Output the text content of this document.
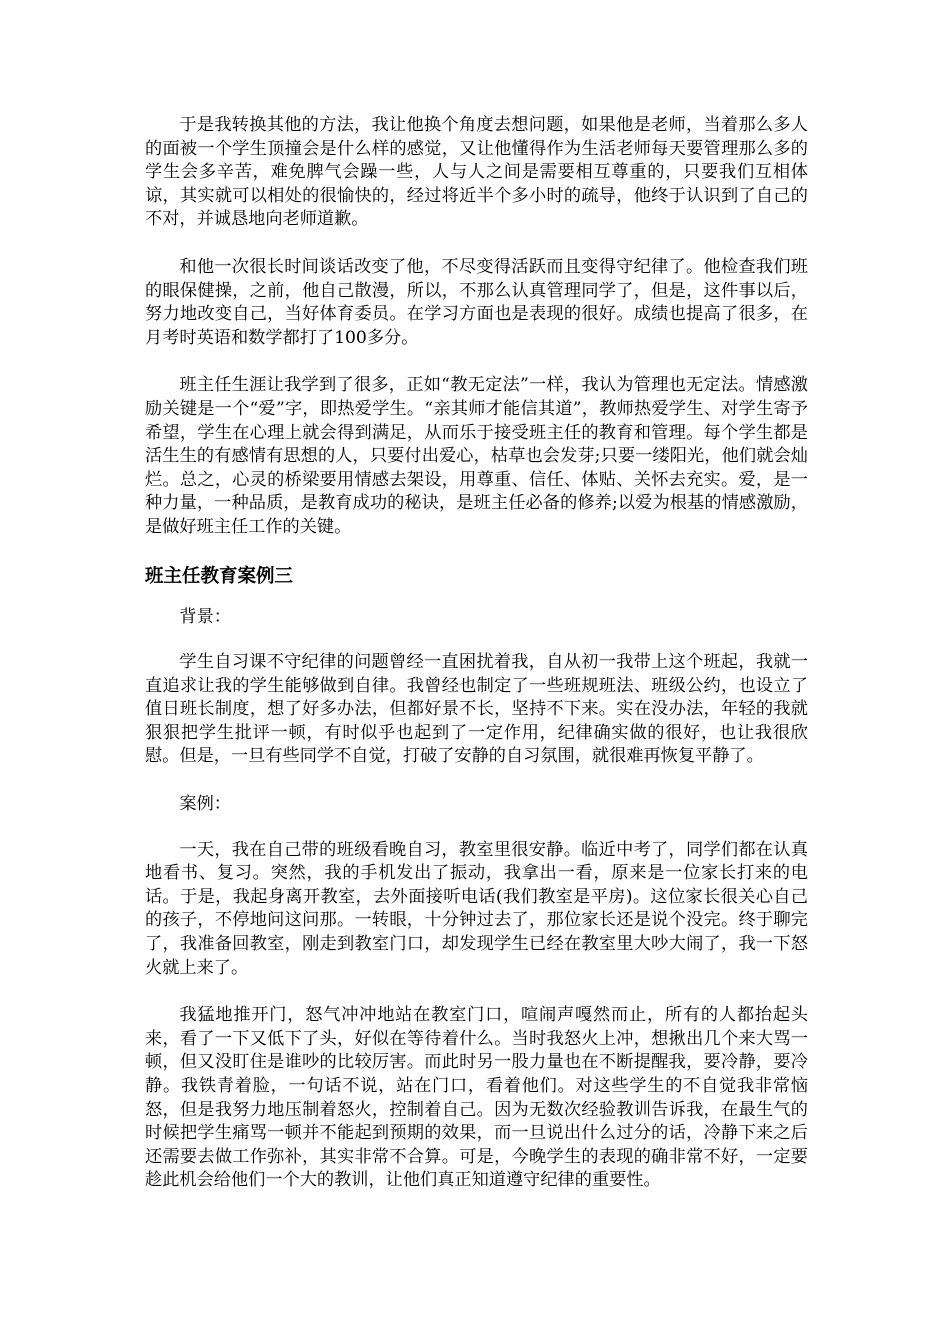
于是我转换其他的方法，我让他换个角度去想问题，如果他是老师，当着那么多人的面被一个学生顶撞会是什么样的感觉，又让他懂得作为生活老师每天要管理那么多的学生会多辛苦，难免脾气会躁一些，人与人之间是需要相互尊重的，只要我们互相体谅，其实就可以相处的很愉快的，经过将近半个多小时的疏导，他终于认识到了自己的不对，并诚恳地向老师道歉。

和他一次很长时间谈话改变了他，不尽变得活跃而且变得守纪律了。他检查我们班的眼保健操，之前，他自己散漫，所以，不那么认真管理同学了，但是，这件事以后，努力地改变自己，当好体育委员。在学习方面也是表现的很好。成绩也提高了很多，在月考时英语和数学都打了100多分。

班主任生涯让我学到了很多，正如“教无定法”一样，我认为管理也无定法。情感激励关键是一个“爱”字，即热爱学生。“亲其师才能信其道”，教师热爱学生、对学生寄予希望，学生在心理上就会得到满足，从而乐于接受班主任的教育和管理。每个学生都是活生生的有感情有思想的人，只要付出爱心，枯草也会发芽;只要一缕阳光，他们就会灿烂。总之，心灵的桥梁要用情感去架设，用尊重、信任、体贴、关怀去充实。爱，是一种力量，一种品质，是教育成功的秘诀，是班主任必备的修养;以爱为根基的情感激励，是做好班主任工作的关键。

班主任教育案例三

背景：

学生自习课不守纪律的问题曾经一直困扰着我，自从初一我带上这个班起，我就一直追求让我的学生能够做到自律。我曾经也制定了一些班规班法、班级公约，也设立了值日班长制度，想了好多办法，但都好景不长，坚持不下来。实在没办法，年轻的我就狠狠把学生批评一顿，有时似乎也起到了一定作用，纪律确实做的很好，也让我很欣慰。但是，一旦有些同学不自觉，打破了安静的自习氛围，就很难再恢复平静了。

案例：

一天，我在自己带的班级看晚自习，教室里很安静。临近中考了，同学们都在认真地看书、复习。突然，我的手机发出了振动，我拿出一看，原来是一位家长打来的电话。于是，我起身离开教室，去外面接听电话(我们教室是平房)。这位家长很关心自己的孩子，不停地问这问那。一转眼，十分钟过去了，那位家长还是说个没完。终于聊完了，我准备回教室，刚走到教室门口，却发现学生已经在教室里大吵大闹了，我一下怒火就上来了。

我猛地推开门，怒气冲冲地站在教室门口，喧闹声嘎然而止，所有的人都抬起头来，看了一下又低下了头，好似在等待着什么。当时我怒火上冲，想揪出几个来大骂一顿，但又没盯住是谁吵的比较厉害。而此时另一股力量也在不断提醒我，要冷静，要冷静。我铁青着脸，一句话不说，站在门口，看着他们。对这些学生的不自觉我非常恼怒，但是我努力地压制着怒火，控制着自己。因为无数次经验教训告诉我，在最生气的时候把学生痛骂一顿并不能起到预期的效果，而一旦说出什么过分的话，冷静下来之后还需要去做工作弥补，其实非常不合算。可是，今晚学生的表现的确非常不好，一定要趁此机会给他们一个大的教训，让他们真正知道遵守纪律的重要性。
